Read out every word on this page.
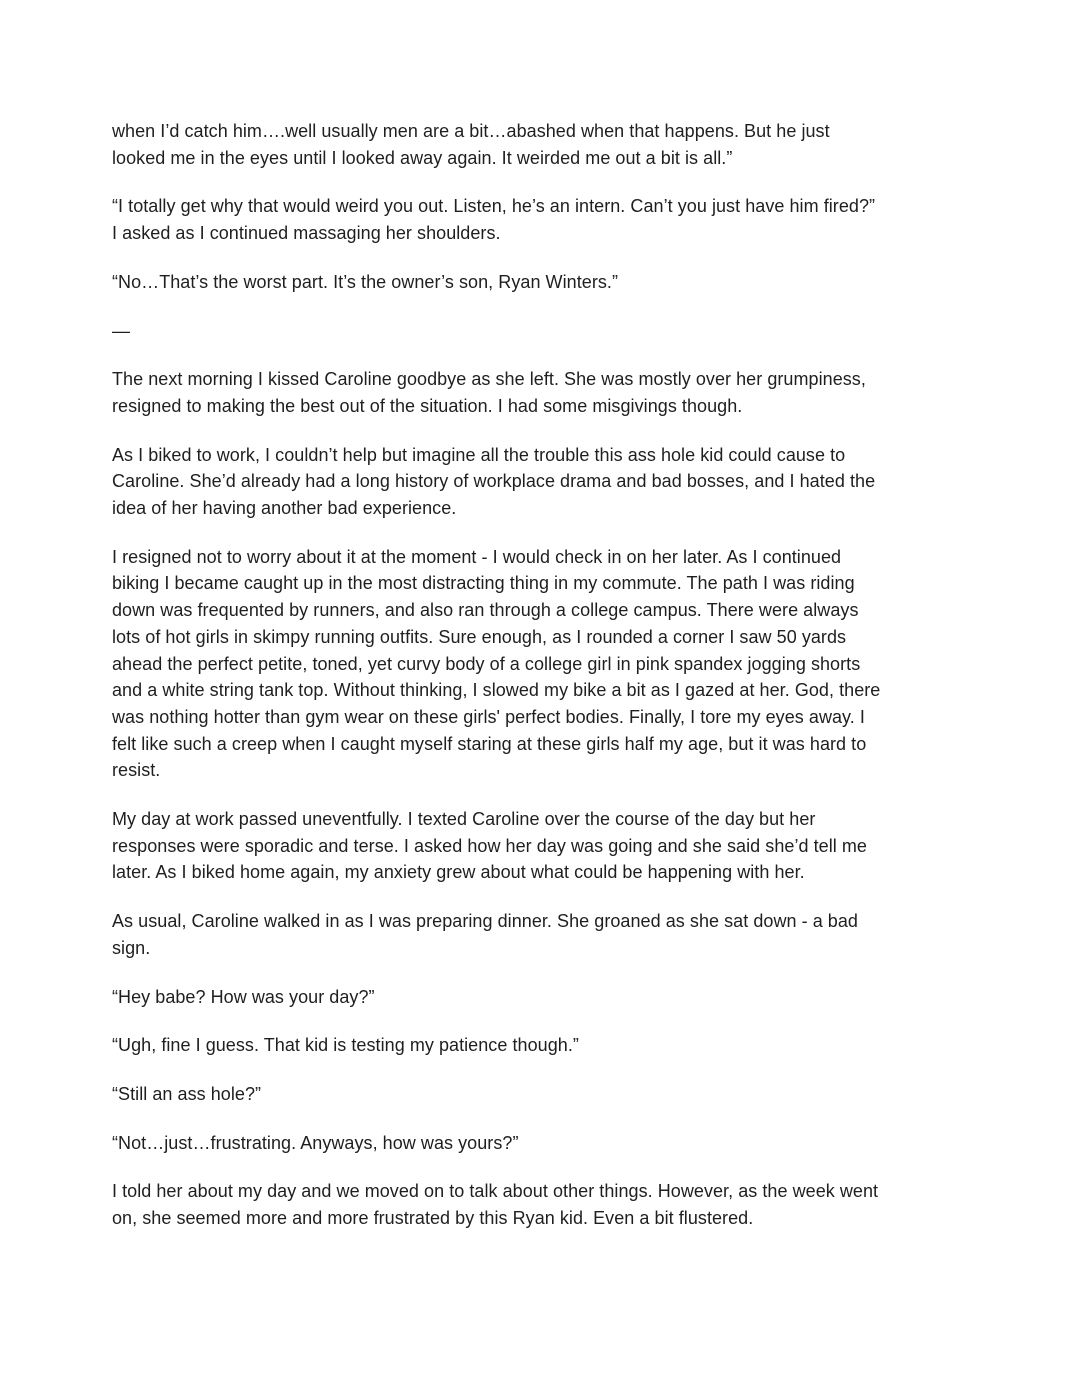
when I’d catch him….well usually men are a bit…abashed when that happens. But he just
looked me in the eyes until I looked away again. It weirded me out a bit is all.”

“I totally get why that would weird you out. Listen, he’s an intern. Can’t you just have him fired?”
I asked as I continued massaging her shoulders.

“No…That’s the worst part. It’s the owner’s son, Ryan Winters.”

—

The next morning I kissed Caroline goodbye as she left. She was mostly over her grumpiness,
resigned to making the best out of the situation. I had some misgivings though.

As I biked to work, I couldn’t help but imagine all the trouble this ass hole kid could cause to
Caroline. She’d already had a long history of workplace drama and bad bosses, and I hated the
idea of her having another bad experience.

I resigned not to worry about it at the moment - I would check in on her later. As I continued
biking I became caught up in the most distracting thing in my commute. The path I was riding
down was frequented by runners, and also ran through a college campus. There were always
lots of hot girls in skimpy running outfits. Sure enough, as I rounded a corner I saw 50 yards
ahead the perfect petite, toned, yet curvy body of a college girl in pink spandex jogging shorts
and a white string tank top. Without thinking, I slowed my bike a bit as I gazed at her. God, there
was nothing hotter than gym wear on these girls' perfect bodies. Finally, I tore my eyes away. I
felt like such a creep when I caught myself staring at these girls half my age, but it was hard to
resist.

My day at work passed uneventfully. I texted Caroline over the course of the day but her
responses were sporadic and terse. I asked how her day was going and she said she’d tell me
later. As I biked home again, my anxiety grew about what could be happening with her.

As usual, Caroline walked in as I was preparing dinner. She groaned as she sat down - a bad
sign.

“Hey babe? How was your day?”

“Ugh, fine I guess. That kid is testing my patience though.”

“Still an ass hole?”

“Not…just…frustrating. Anyways, how was yours?”

I told her about my day and we moved on to talk about other things. However, as the week went
on, she seemed more and more frustrated by this Ryan kid. Even a bit flustered.
